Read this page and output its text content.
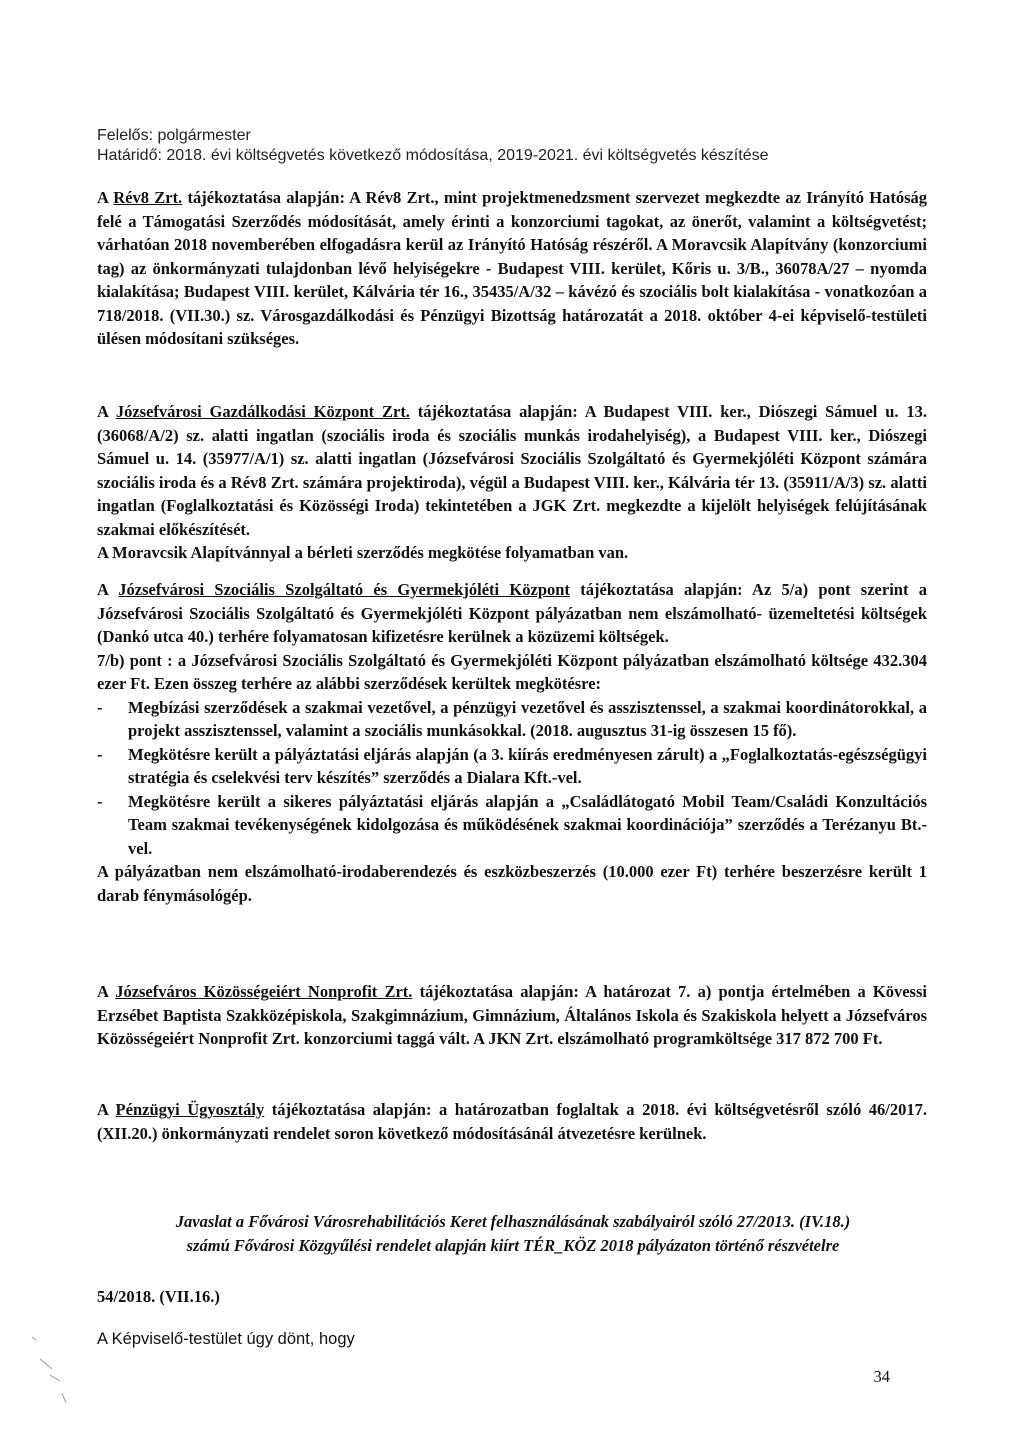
Felelős: polgármester
Határidő: 2018. évi költségvetés következő módosítása, 2019-2021. évi költségvetés készítése

A Rév8 Zrt. tájékoztatása alapján: A Rév8 Zrt., mint projektmenedzsment szervezet megkezdte az Irányító Hatóság felé a Támogatási Szerződés módosítását, amely érinti a konzorciumi tagokat, az önerőt, valamint a költségvetést; várhatóan 2018 novemberében elfogadásra kerül az Irányító Hatóság részéről. A Moravcsik Alapítvány (konzorciumi tag) az önkormányzati tulajdonban lévő helyiségekre - Budapest VIII. kerület, Kőris u. 3/B., 36078A/27 – nyomda kialakítása; Budapest VIII. kerület, Kálvária tér 16., 35435/A/32 – kávézó és szociális bolt kialakítása - vonatkozóan a 718/2018. (VII.30.) sz. Városgazdálkodási és Pénzügyi Bizottság határozatát a 2018. október 4-ei képviselő-testületi ülésen módosítani szükséges.

A Józsefvárosi Gazdálkodási Központ Zrt. tájékoztatása alapján: A Budapest VIII. ker., Diószegi Sámuel u. 13. (36068/A/2) sz. alatti ingatlan (szociális iroda és szociális munkás irodahelyiség), a Budapest VIII. ker., Diószegi Sámuel u. 14. (35977/A/1) sz. alatti ingatlan (Józsefvárosi Szociális Szolgáltató és Gyermekjóléti Központ számára szociális iroda és a Rév8 Zrt. számára projektiroda), végül a Budapest VIII. ker., Kálvária tér 13. (35911/A/3) sz. alatti ingatlan (Foglalkoztatási és Közösségi Iroda) tekintetében a JGK Zrt. megkezdte a kijelölt helyiségek felújításának szakmai előkészítését.

A Moravcsik Alapítvánnyal a bérleti szerződés megkötése folyamatban van.

A Józsefvárosi Szociális Szolgáltató és Gyermekjóléti Központ tájékoztatása alapján: Az 5/a) pont szerint a Józsefvárosi Szociális Szolgáltató és Gyermekjóléti Központ pályázatban nem elszámolható- üzemeltetési költségek (Dankó utca 40.) terhére folyamatosan kifizetésre kerülnek a közüzemi költségek.

7/b) pont : a Józsefvárosi Szociális Szolgáltató és Gyermekjóléti Központ pályázatban elszámolható költsége 432.304 ezer Ft. Ezen összeg terhére az alábbi szerződések kerültek megkötésre:

- Megbízási szerződések a szakmai vezetővel, a pénzügyi vezetővel és asszisztenssel, a szakmai koordinátorokkal, a projekt asszisztenssel, valamint a szociális munkásokkal. (2018. augusztus 31-ig összesen 15 fő).
- Megkötésre került a pályáztatási eljárás alapján (a 3. kiírás eredményesen zárult) a „Foglalkoztatás-egészségügyi stratégia és cselekvési terv készítés” szerződés a Dialara Kft.-vel.
- Megkötésre került a sikeres pályáztatási eljárás alapján a „Családlátogató Mobil Team/Családi Konzultációs Team szakmai tevékenységének kidolgozása és működésének szakmai koordinációja” szerződés a Terézanyu Bt.-vel.

A pályázatban nem elszámolható-irodaberendezés és eszközbeszerzés (10.000 ezer Ft) terhére beszerzésre került 1 darab fénymásológép.

A Józsefváros Közösségeiért Nonprofit Zrt. tájékoztatása alapján: A határozat 7. a) pontja értelmében a Kövessi Erzsébet Baptista Szakközépiskola, Szakgimnázium, Gimnázium, Általános Iskola és Szakiskola helyett a Józsefváros Közösségeiért Nonprofit Zrt. konzorciumi taggá vált. A JKN Zrt. elszámolható programköltsége 317 872 700 Ft.

A Pénzügyi Ügyosztály tájékoztatása alapján: a határozatban foglaltak a 2018. évi költségvetésről szóló 46/2017. (XII.20.) önkormányzati rendelet soron következő módosításánál átvezetésre kerülnek.

Javaslat a Fővárosi Városrehabilitációs Keret felhasználásának szabályairól szóló 27/2013. (IV.18.)
számú Fővárosi Közgyűlési rendelet alapján kiírt TÉR_KÖZ 2018 pályázaton történő részvételre
54/2018. (VII.16.)
A Képviselő-testület úgy dönt, hogy
34
